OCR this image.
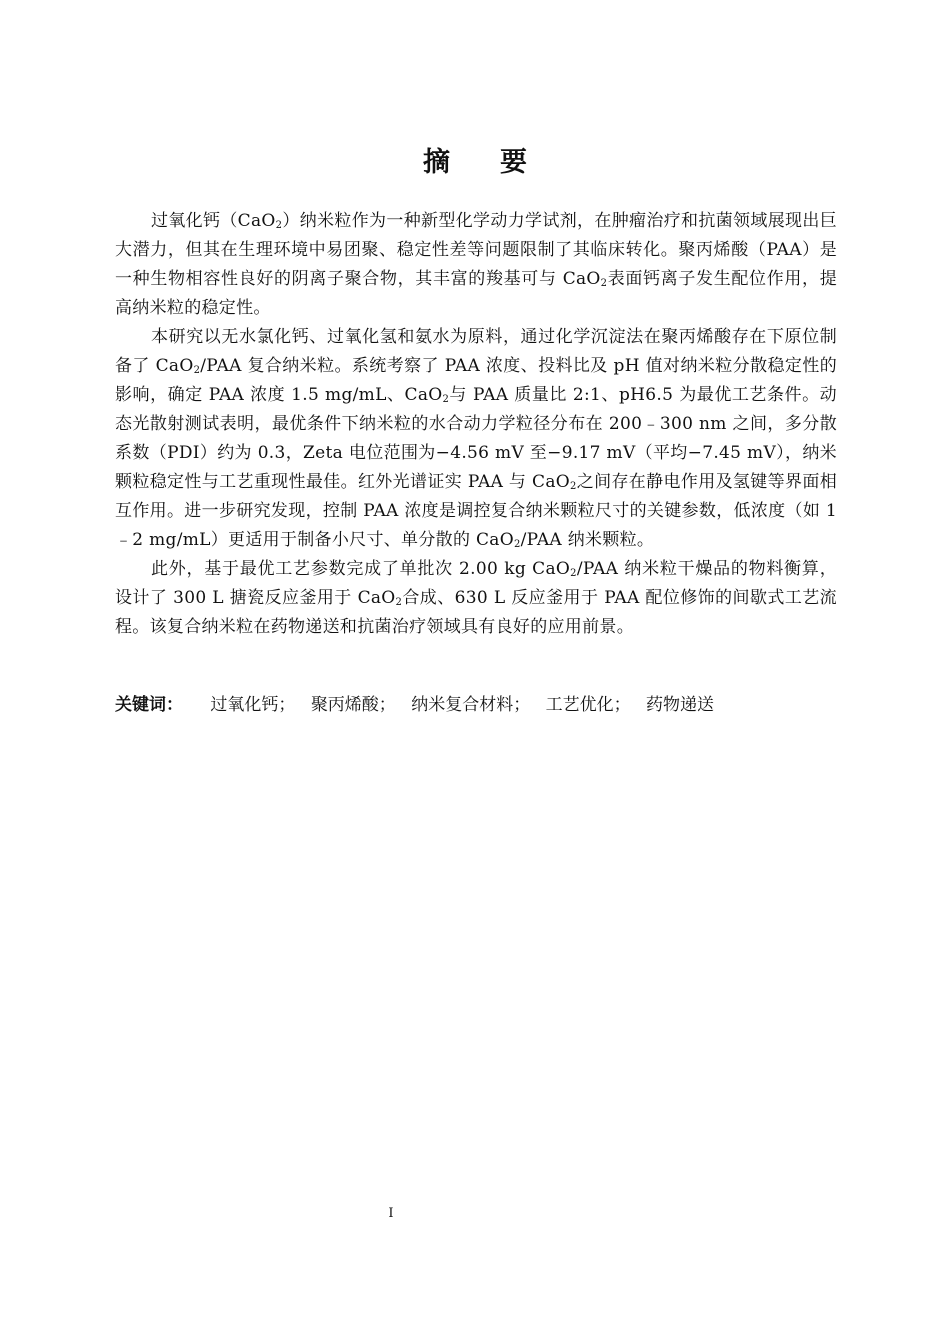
摘 要

过氧化钙（CaO$_2$）纳米粒作为一种新型化学动力学试剂，在肿瘤治疗和抗菌领域展现出巨大潜力，但其在生理环境中易团聚、稳定性差等问题限制了其临床转化。聚丙烯酸（PAA）是一种生物相容性良好的阴离子聚合物，其丰富的羧基可与 CaO$_2$表面钙离子发生配位作用，提高纳米粒的稳定性。

本研究以无水氯化钙、过氧化氢和氨水为原料，通过化学沉淀法在聚丙烯酸存在下原位制备了 CaO$_2$/PAA 复合纳米粒。系统考察了 PAA 浓度、投料比及 pH 值对纳米粒分散稳定性的影响，确定 PAA 浓度 1.5 mg/mL、CaO$_2$与 PAA 质量比 2:1、pH6.5 为最优工艺条件。动态光散射测试表明，最优条件下纳米粒的水合动力学粒径分布在 200﹣300 nm 之间，多分散系数（PDI）约为 0.3，Zeta 电位范围为−4.56 mV 至−9.17 mV（平均−7.45 mV），纳米颗粒稳定性与工艺重现性最佳。红外光谱证实 PAA 与 CaO$_2$之间存在静电作用及氢键等界面相互作用。进一步研究发现，控制 PAA 浓度是调控复合纳米颗粒尺寸的关键参数，低浓度（如 1﹣2 mg/mL）更适用于制备小尺寸、单分散的 CaO$_2$/PAA 纳米颗粒。

此外，基于最优工艺参数完成了单批次 2.00 kg CaO$_2$/PAA 纳米粒干燥品的物料衡算，设计了 300 L 搪瓷反应釜用于 CaO$_2$合成、630 L 反应釜用于 PAA 配位修饰的间歇式工艺流程。该复合纳米粒在药物递送和抗菌治疗领域具有良好的应用前景。

关键词： 过氧化钙； 聚丙烯酸； 纳米复合材料； 工艺优化； 药物递送
I
